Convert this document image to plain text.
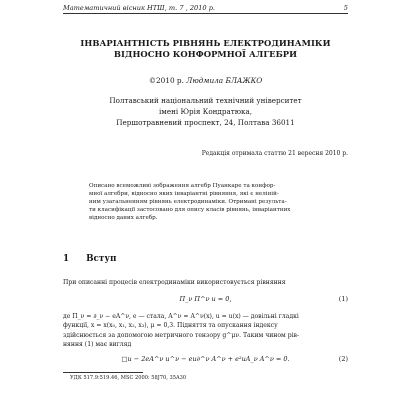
Математичний вісник НТШ, т. 7 , 2010 р.	5
ІНВАРІАНТНІСТЬ РІВНЯНЬ ЕЛЕКТРОДИНАМІКИ
ВІДНОСНО КОНФОРМНОЇ АЛГЕБРИ
©2010 р. Людмила БЛАЖКО
Полтавський національний технічний університет
імені Юрія Кондратюка,
Першотравневий проспект, 24, Полтава 36011
Редакція отримала статтю 21 вересня 2010 р.
Описано всеможливі зображення алгебр Пуанкаре та конфор-
мної алгебри, відносно яких інваріантні рівняння, які є нелiнiй-
ним узагальненням рівнянь електродинаміки. Отримані результа-
ти класифікації застосовано для опису класів рівнянь, інваріантних
відносно даних алгебр.
1 Вступ
При описанні процесів електродинаміки використовується рівняння
Π_ν Π^ν u = 0,	(1)
де Π_ν = ∂_ν − eA^ν, e — стала, A^ν = A^ν(x), u = u(x) — довільні гладкі
функції, x = x(x₀, x₁, x₂, x₃), μ = 0,3. Підняття та опускання індексу
здійснюється за допомогою метричного тензору g^μν. Таким чином рів-
няння (1) має вигляд
□u − 2eA^ν u^ν − eu∂^ν A^ν + e²uA_ν A^ν = 0.	(2)
УДК 517.9:519.46, MSC 2000: 58J70, 35A30
